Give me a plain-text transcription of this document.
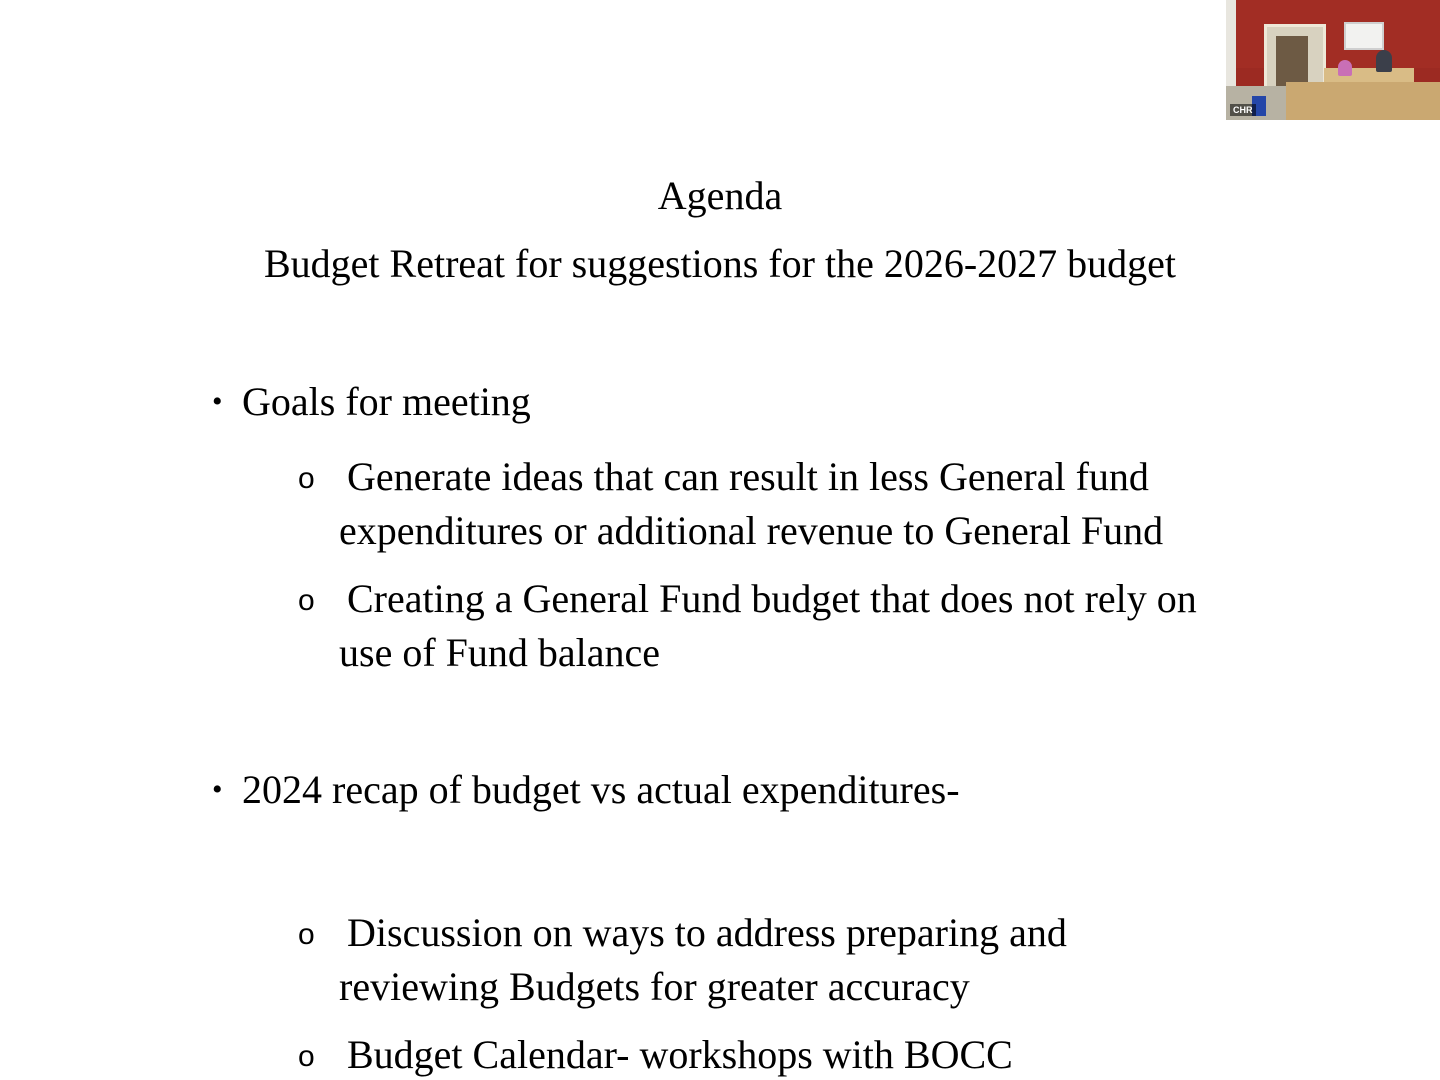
Agenda
Budget Retreat for suggestions for the 2026-2027 budget
• Goals for meeting
o Generate ideas that can result in less General fund expenditures or additional revenue to General Fund
o Creating a General Fund budget that does not rely on use of Fund balance
• 2024 recap of budget vs actual expenditures-
o Discussion on ways to address preparing and reviewing Budgets for greater accuracy
o Budget Calendar- workshops with BOCC
CHR
